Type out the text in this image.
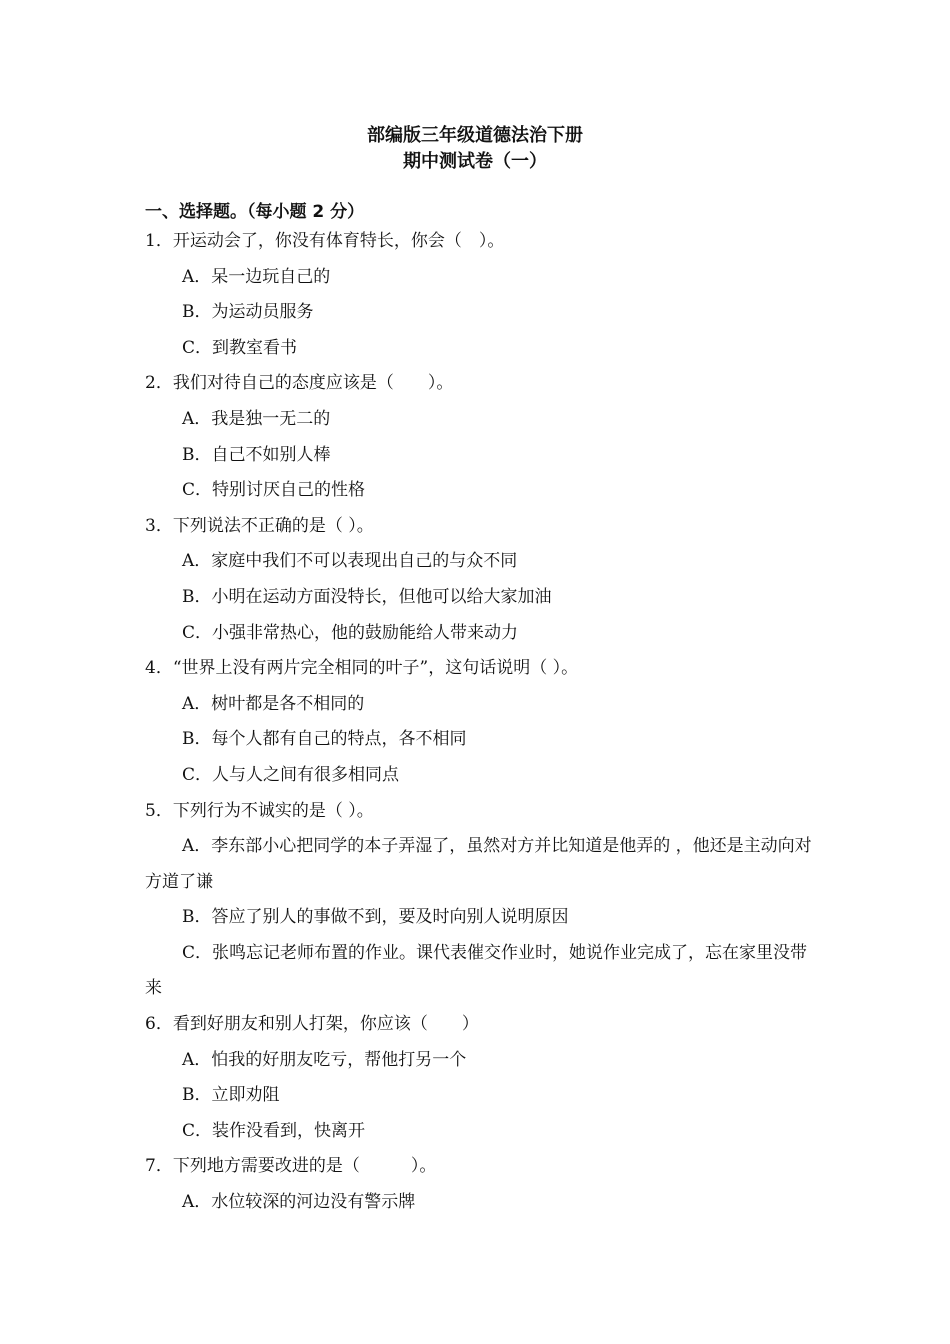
部编版三年级道德法治下册
期中测试卷（一）
一、选择题。（每小题 2 分）
1．开运动会了，你没有体育特长，你会（　）。
A．呆一边玩自己的
B．为运动员服务
C．到教室看书
2．我们对待自己的态度应该是（　　）。
A．我是独一无二的
B．自己不如别人棒
C．特别讨厌自己的性格
3．下列说法不正确的是（ ）。
A．家庭中我们不可以表现出自己的与众不同
B．小明在运动方面没特长，但他可以给大家加油
C．小强非常热心，他的鼓励能给人带来动力
4．“世界上没有两片完全相同的叶子”，这句话说明（ ）。
A．树叶都是各不相同的
B．每个人都有自己的特点，各不相同
C．人与人之间有很多相同点
5．下列行为不诚实的是（ ）。
A．李东部小心把同学的本子弄湿了，虽然对方并比知道是他弄的 ，他还是主动向对方道了谦
B．答应了别人的事做不到，要及时向别人说明原因
C．张鸣忘记老师布置的作业。课代表催交作业时，她说作业完成了，忘在家里没带来
6．看到好朋友和别人打架，你应该（　　）
A．怕我的好朋友吃亏，帮他打另一个
B．立即劝阻
C．装作没看到，快离开
7．下列地方需要改进的是（　　　）。
A．水位较深的河边没有警示牌
